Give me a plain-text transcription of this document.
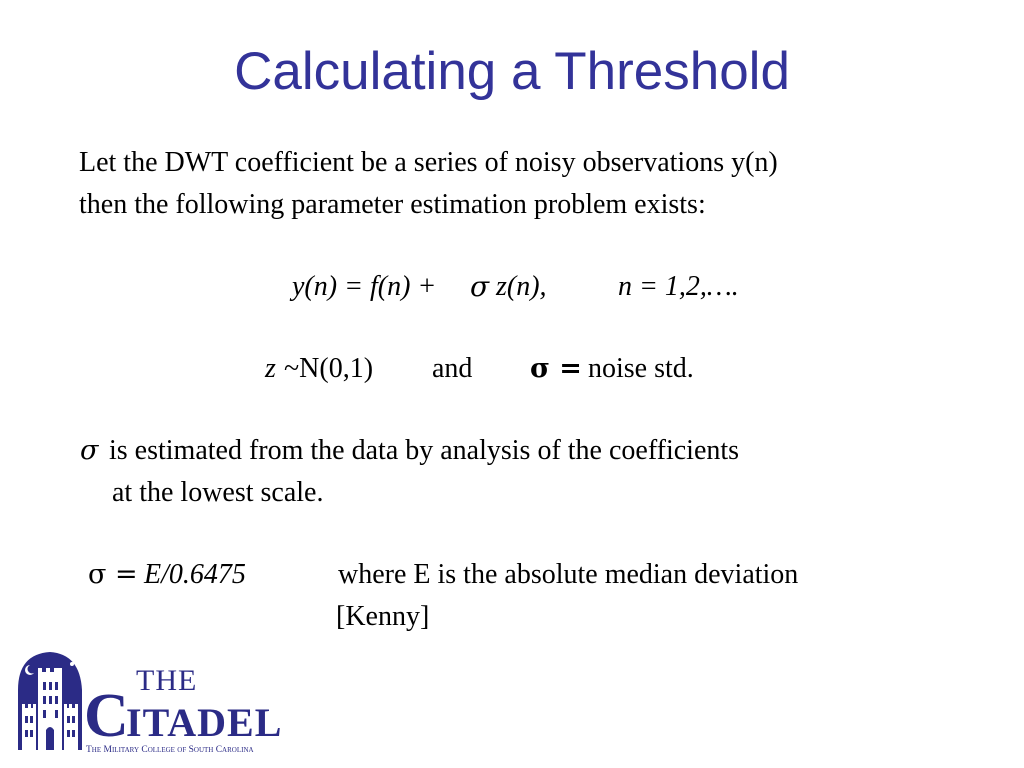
Calculating a Threshold
Let the DWT coefficient be a series of noisy observations y(n)
then the following parameter estimation problem exists:
y(n) = f(n) + σ z(n),	n = 1,2,….
z ~N(0,1) and σ = noise std.
σ is estimated from the data by analysis of the coefficients
at the lowest scale.
σ = E/0.6475	where E is the absolute median deviation
[Kenny]
THE
C
ITADEL
The Military College of South Carolina
